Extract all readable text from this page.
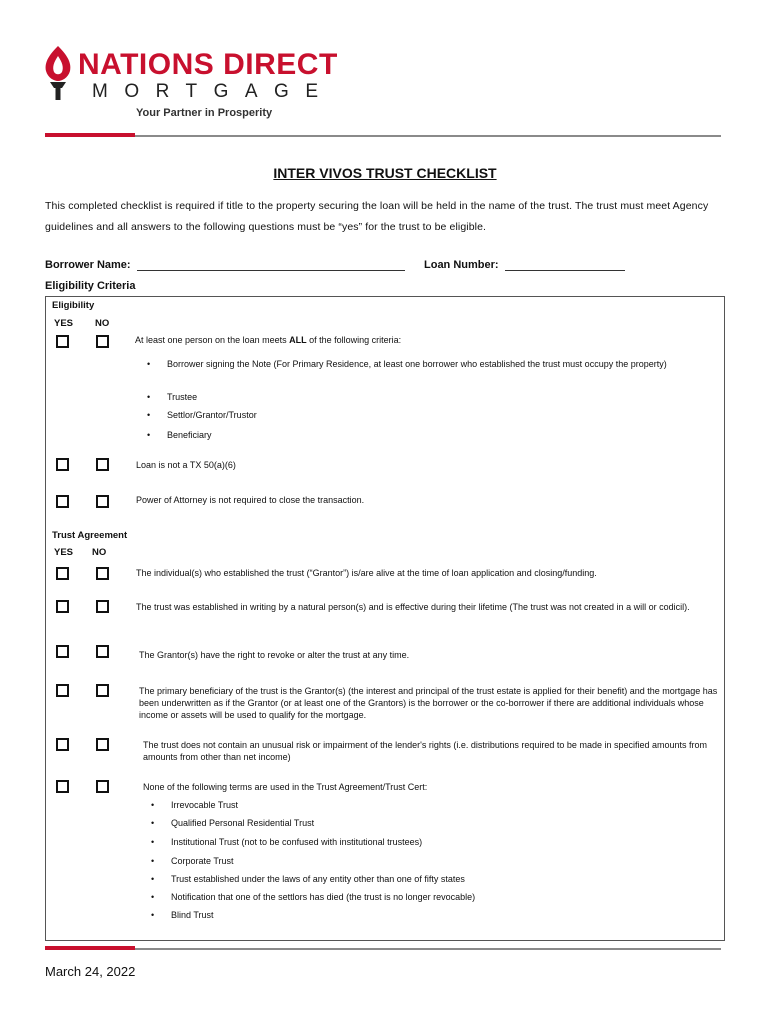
NATIONS DIRECT
MORTGAGE
Your Partner in Prosperity
INTER VIVOS TRUST CHECKLIST
This completed checklist is required if title to the property securing the loan will be held in the name of the trust. The trust must meet Agency guidelines and all answers to the following questions must be “yes” for the trust to be eligible.
Borrower Name:	Loan Number:
Eligibility Criteria
Eligibility
YES NO
At least one person on the loan meets ALL of the following criteria:
• Borrower signing the Note (For Primary Residence, at least one borrower who established the trust must occupy the property)
• Trustee
• Settlor/Grantor/Trustor
• Beneficiary
Loan is not a TX 50(a)(6)
Power of Attorney is not required to close the transaction.
Trust Agreement
YES NO
The individual(s) who established the trust (“Grantor”) is/are alive at the time of loan application and closing/funding.
The trust was established in writing by a natural person(s) and is effective during their lifetime (The trust was not created in a will or codicil).
The Grantor(s) have the right to revoke or alter the trust at any time.
The primary beneficiary of the trust is the Grantor(s) (the interest and principal of the trust estate is applied for their benefit) and the mortgage has been underwritten as if the Grantor (or at least one of the Grantors) is the borrower or the co-borrower if there are additional individuals whose income or assets will be used to qualify for the mortgage.
The trust does not contain an unusual risk or impairment of the lender's rights (i.e. distributions required to be made in specified amounts from amounts from other than net income)
None of the following terms are used in the Trust Agreement/Trust Cert:
• Irrevocable Trust
• Qualified Personal Residential Trust
• Institutional Trust (not to be confused with institutional trustees)
• Corporate Trust
• Trust established under the laws of any entity other than one of fifty states
• Notification that one of the settlors has died (the trust is no longer revocable)
• Blind Trust
March 24, 2022
